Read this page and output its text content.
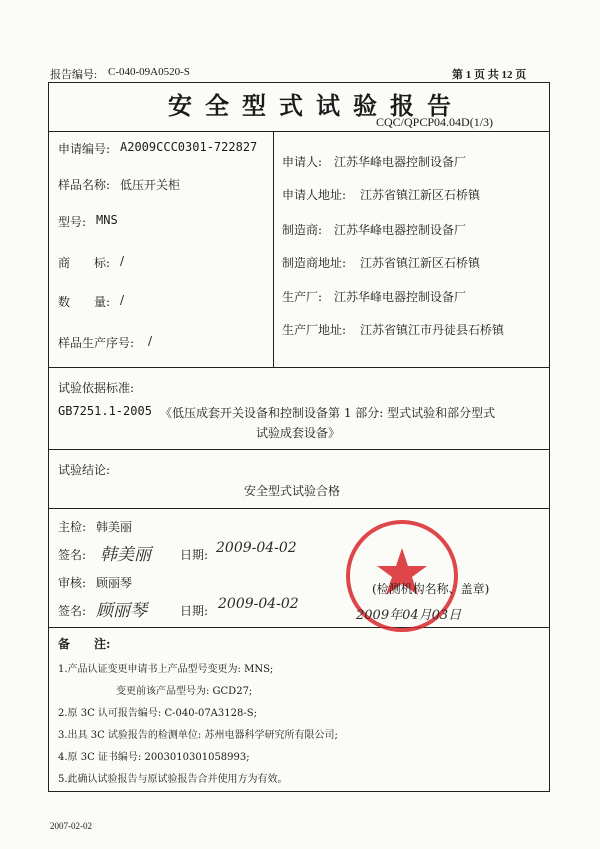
报告编号: C-040-09A0520-S	第 1 页 共 12 页
安全型式试验报告
CQC/QPCP04.04D(1/3)
申请编号: A2009CCC0301-722827
样品名称: 低压开关柜
型号: MNS
商　　标: /
数　　量: /
样品生产序号: /
申请人: 江苏华峰电器控制设备厂
申请人地址: 江苏省镇江新区石桥镇
制造商: 江苏华峰电器控制设备厂
制造商地址: 江苏省镇江新区石桥镇
生产厂: 江苏华峰电器控制设备厂
生产厂地址: 江苏省镇江市丹徒县石桥镇
试验依据标准:
GB7251.1-2005 《低压成套开关设备和控制设备第 1 部分: 型式试验和部分型式
试验成套设备》
试验结论:
安全型式试验合格
主检: 韩美丽
签名: 韩美丽 日期: 2009-04-02
审核: 顾丽琴
签名: 顾丽琴	日期: 2009-04-02
(检测机构名称、盖章)
2009年04月03日
备　　注:
1.产品认证变更申请书上产品型号变更为: MNS;
变更前该产品型号为: GCD27;
2.原 3C 认可报告编号: C-040-07A3128-S;
3.出具 3C 试验报告的检测单位: 苏州电器科学研究所有限公司;
4.原 3C 证书编号: 2003010301058993;
5.此确认试验报告与原试验报告合并使用方为有效。
2007-02-02
